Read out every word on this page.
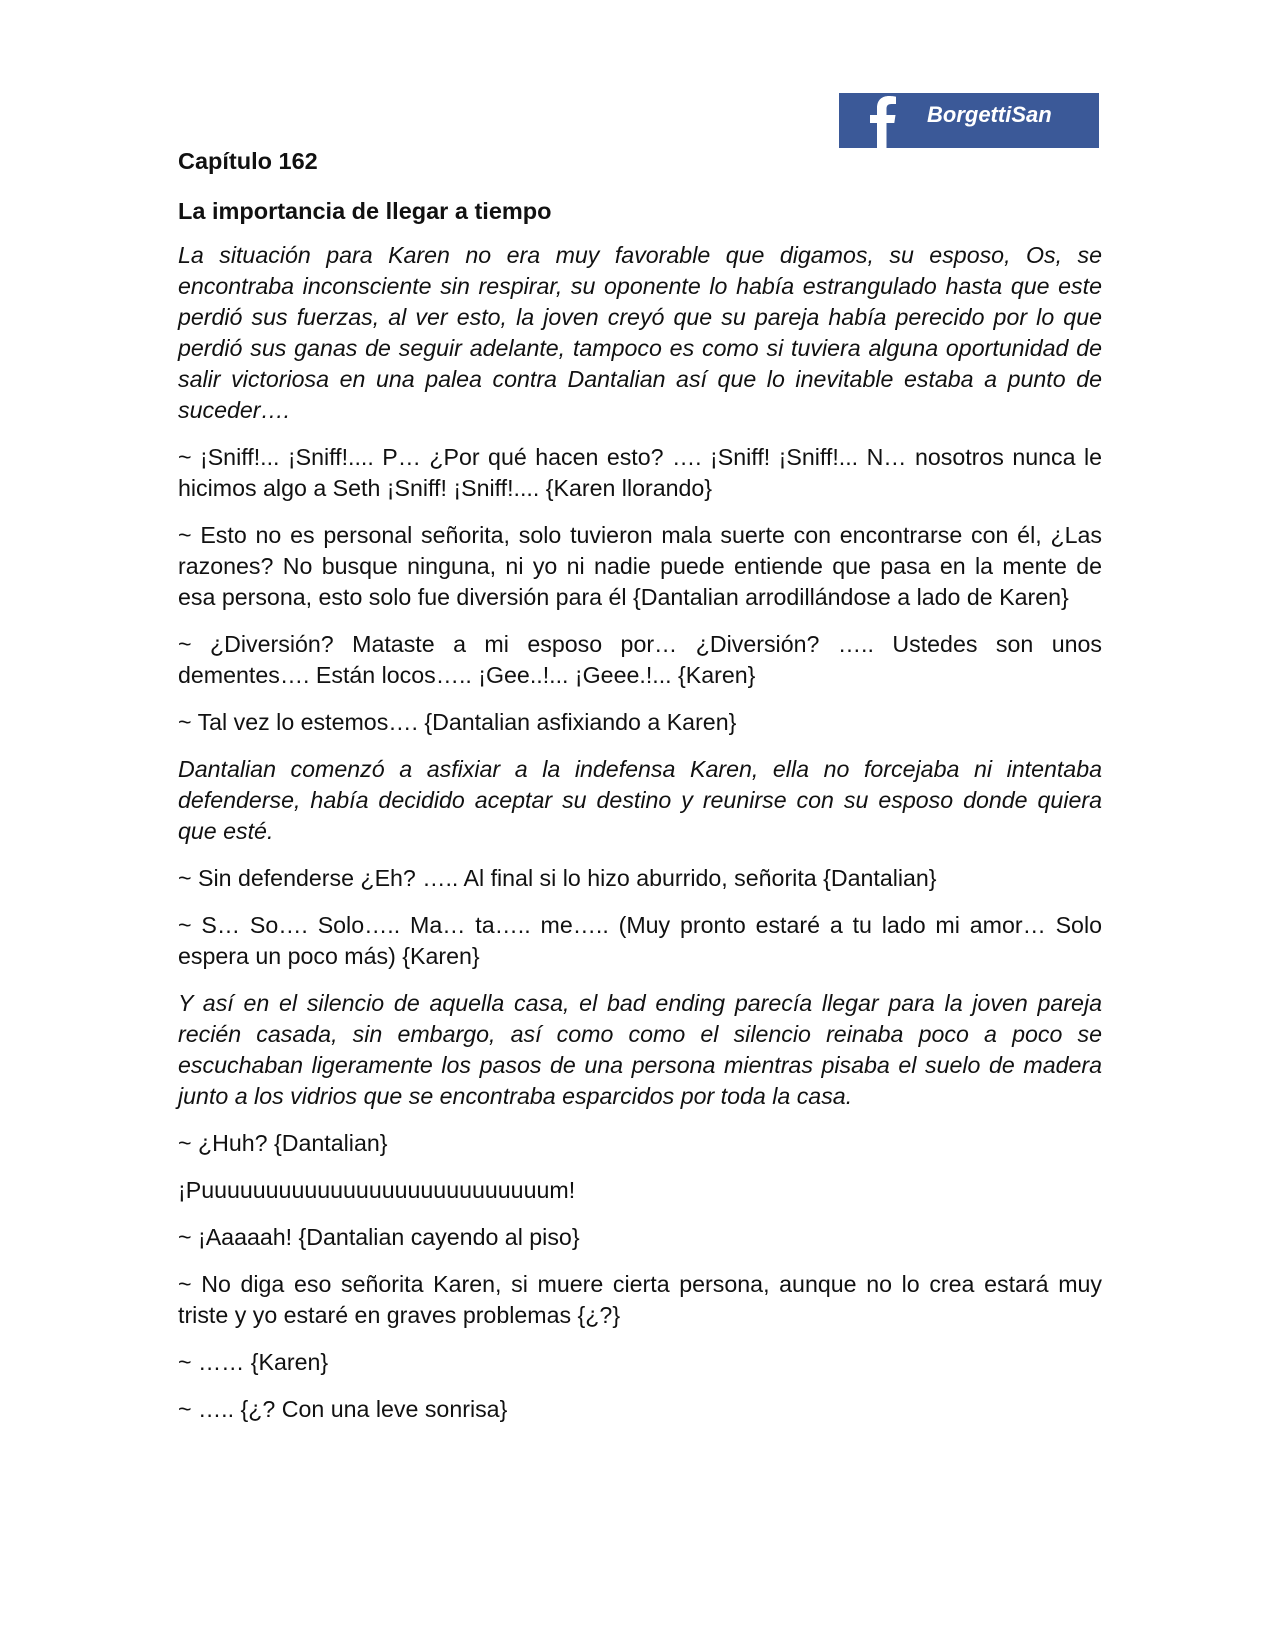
BorgettiSan
Capítulo 162
La importancia de llegar a tiempo

La situación para Karen no era muy favorable que digamos, su esposo, Os, se encontraba inconsciente sin respirar, su oponente lo había estrangulado hasta que este perdió sus fuerzas, al ver esto, la joven creyó que su pareja había perecido por lo que perdió sus ganas de seguir adelante, tampoco es como si tuviera alguna oportunidad de salir victoriosa en una palea contra Dantalian así que lo inevitable estaba a punto de suceder….

~ ¡Sniff!... ¡Sniff!.... P… ¿Por qué hacen esto? …. ¡Sniff! ¡Sniff!... N… nosotros nunca le hicimos algo a Seth ¡Sniff! ¡Sniff!.... {Karen llorando}

~ Esto no es personal señorita, solo tuvieron mala suerte con encontrarse con él, ¿Las razones? No busque ninguna, ni yo ni nadie puede entiende que pasa en la mente de esa persona, esto solo fue diversión para él {Dantalian arrodillándose a lado de Karen}

~ ¿Diversión? Mataste a mi esposo por… ¿Diversión? ….. Ustedes son unos dementes…. Están locos….. ¡Gee..!... ¡Geee.!... {Karen}

~ Tal vez lo estemos…. {Dantalian asfixiando a Karen}

Dantalian comenzó a asfixiar a la indefensa Karen, ella no forcejaba ni intentaba defenderse, había decidido aceptar su destino y reunirse con su esposo donde quiera que esté.

~ Sin defenderse ¿Eh? ….. Al final si lo hizo aburrido, señorita {Dantalian}

~ S… So…. Solo….. Ma… ta….. me….. (Muy pronto estaré a tu lado mi amor… Solo espera un poco más) {Karen}

Y así en el silencio de aquella casa, el bad ending parecía llegar para la joven pareja recién casada, sin embargo, así como como el silencio reinaba poco a poco se escuchaban ligeramente los pasos de una persona mientras pisaba el suelo de madera junto a los vidrios que se encontraba esparcidos por toda la casa.

~ ¿Huh? {Dantalian}

¡Puuuuuuuuuuuuuuuuuuuuuuuuuuum!

~ ¡Aaaaah! {Dantalian cayendo al piso}

~ No diga eso señorita Karen, si muere cierta persona, aunque no lo crea estará muy triste y yo estaré en graves problemas {¿?}

~ …… {Karen}

~ ….. {¿? Con una leve sonrisa}
